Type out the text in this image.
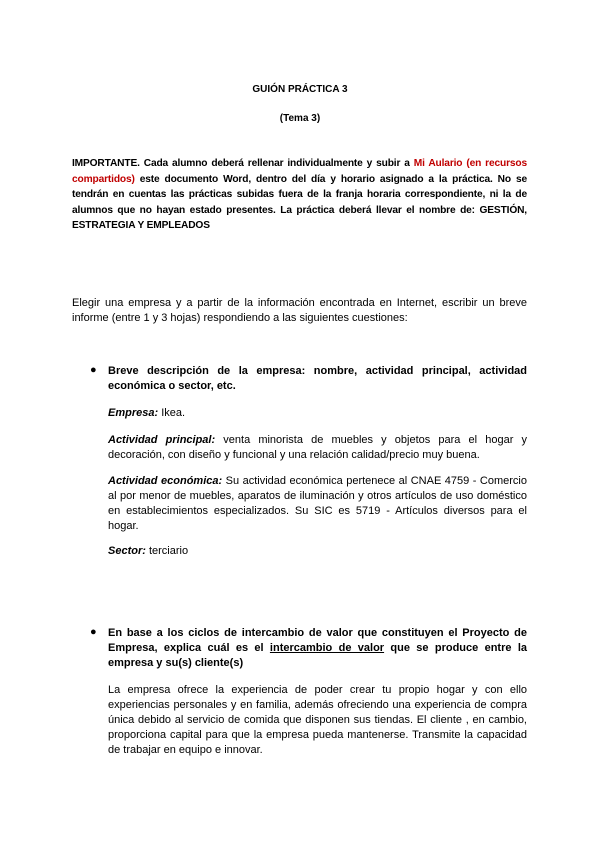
GUIÓN PRÁCTICA 3
(Tema 3)
IMPORTANTE. Cada alumno deberá rellenar individualmente y subir a Mi Aulario (en recursos compartidos) este documento Word, dentro del día y horario asignado a la práctica. No se tendrán en cuentas las prácticas subidas fuera de la franja horaria correspondiente, ni la de alumnos que no hayan estado presentes. La práctica deberá llevar el nombre de: GESTIÓN, ESTRATEGIA Y EMPLEADOS
Elegir una empresa y a partir de la información encontrada en Internet, escribir un breve informe (entre 1 y 3 hojas) respondiendo a las siguientes cuestiones:
● Breve descripción de la empresa: nombre, actividad principal, actividad económica o sector, etc.
Empresa: Ikea.
Actividad principal: venta minorista de muebles y objetos para el hogar y decoración, con diseño y funcional y una relación calidad/precio muy buena.
Actividad económica: Su actividad económica pertenece al CNAE 4759 - Comercio al por menor de muebles, aparatos de iluminación y otros artículos de uso doméstico en establecimientos especializados. Su SIC es 5719 - Artículos diversos para el hogar.
Sector: terciario
● En base a los ciclos de intercambio de valor que constituyen el Proyecto de Empresa, explica cuál es el intercambio de valor que se produce entre la empresa y su(s) cliente(s)
La empresa ofrece la experiencia de poder crear tu propio hogar y con ello experiencias personales y en familia, además ofreciendo una experiencia de compra única debido al servicio de comida que disponen sus tiendas. El cliente , en cambio, proporciona capital para que la empresa pueda mantenerse. Transmite la capacidad de trabajar en equipo e innovar.
